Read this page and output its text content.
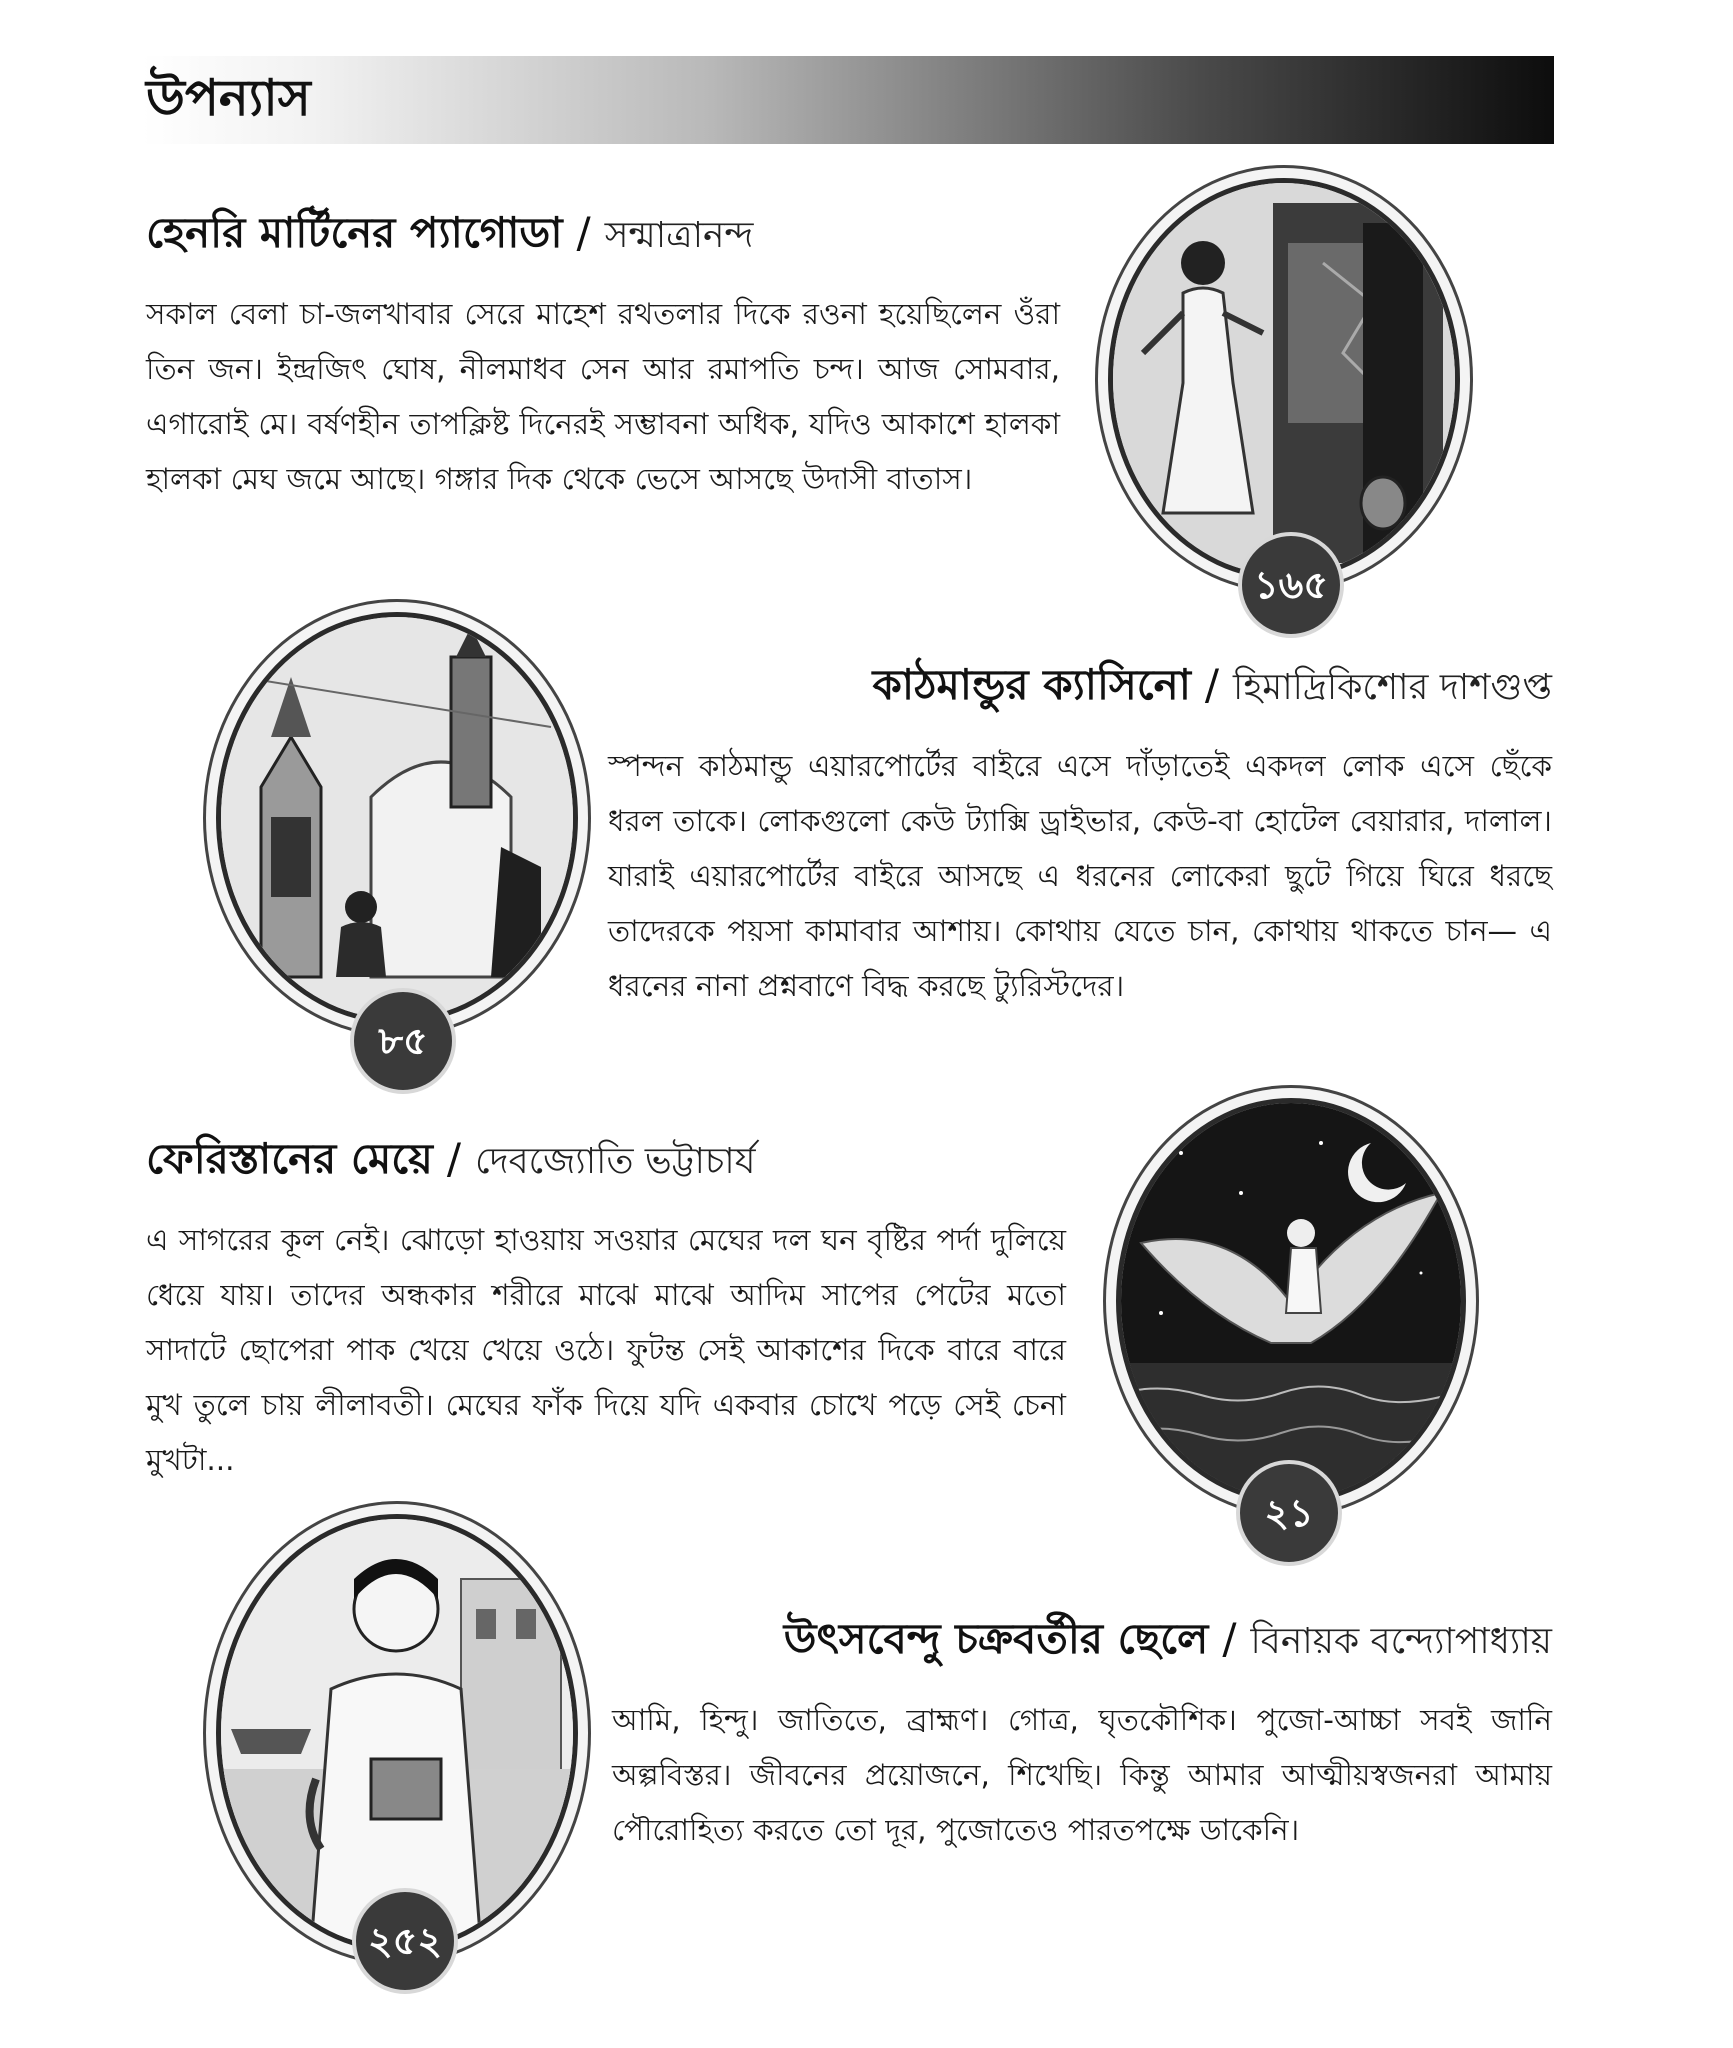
উপন্যাস
হেনরি মার্টিনের প্যাগোডা / সন্মাত্রানন্দ

সকাল বেলা চা-জলখাবার সেরে মাহেশ রথতলার দিকে রওনা হয়েছিলেন ওঁরা তিন জন। ইন্দ্রজিৎ ঘোষ, নীলমাধব সেন আর রমাপতি চন্দ। আজ সোমবার, এগারোই মে। বর্ষণহীন তাপক্লিষ্ট দিনেরই সম্ভাবনা অধিক, যদিও আকাশে হালকা হালকা মেঘ জমে আছে। গঙ্গার দিক থেকে ভেসে আসছে উদাসী বাতাস।

১৬৫
৮৫
কাঠমান্ডুর ক্যাসিনো / হিমাদ্রিকিশোর দাশগুপ্ত

স্পন্দন কাঠমান্ডু এয়ারপোর্টের বাইরে এসে দাঁড়াতেই একদল লোক এসে ছেঁকে ধরল তাকে। লোকগুলো কেউ ট্যাক্সি ড্রাইভার, কেউ-বা হোটেল বেয়ারার, দালাল। যারাই এয়ারপোর্টের বাইরে আসছে এ ধরনের লোকেরা ছুটে গিয়ে ঘিরে ধরছে তাদেরকে পয়সা কামাবার আশায়। কোথায় যেতে চান, কোথায় থাকতে চান— এ ধরনের নানা প্রশ্নবাণে বিদ্ধ করছে ট্যুরিস্টদের।

ফেরিস্তানের মেয়ে / দেবজ্যোতি ভট্টাচার্য

এ সাগরের কূল নেই। ঝোড়ো হাওয়ায় সওয়ার মেঘের দল ঘন বৃষ্টির পর্দা দুলিয়ে ধেয়ে যায়। তাদের অন্ধকার শরীরে মাঝে মাঝে আদিম সাপের পেটের মতো সাদাটে ছোপেরা পাক খেয়ে খেয়ে ওঠে। ফুটন্ত সেই আকাশের দিকে বারে বারে মুখ তুলে চায় লীলাবতী। মেঘের ফাঁক দিয়ে যদি একবার চোখে পড়ে সেই চেনা মুখটা...

২১
২৫২
উৎসবেন্দু চক্রবর্তীর ছেলে / বিনায়ক বন্দ্যোপাধ্যায়

আমি, হিন্দু। জাতিতে, ব্রাহ্মণ। গোত্র, ঘৃতকৌশিক। পুজো-আচ্চা সবই জানি অল্পবিস্তর। জীবনের প্রয়োজনে, শিখেছি। কিন্তু আমার আত্মীয়স্বজনরা আমায় পৌরোহিত্য করতে তো দূর, পুজোতেও পারতপক্ষে ডাকেনি।
